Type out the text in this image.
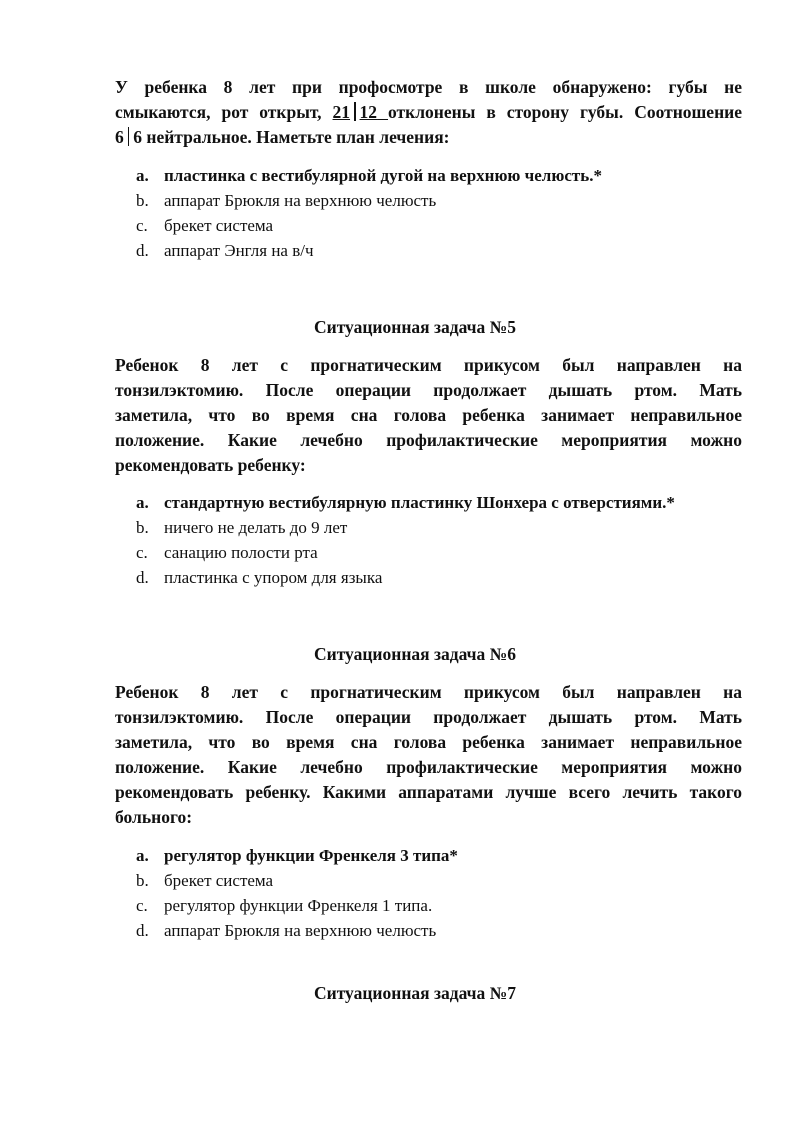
У ребенка 8 лет при профосмотре в школе обнаружено: губы не
смыкаются, рот открыт, 21 12 отклонены в сторону губы. Соотношение
6 6 нейтральное. Наметьте план лечения:
a. пластинка с вестибулярной дугой на верхнюю челюсть.*
b. аппарат Брюкля на верхнюю челюсть
c. брекет система
d. аппарат Энгля на в/ч
Ситуационная задача №5
Ребенок 8 лет с прогнатическим прикусом был направлен на
тонзилэктомию. После операции продолжает дышать ртом. Мать
заметила, что во время сна голова ребенка занимает неправильное
положение. Какие лечебно профилактические мероприятия можно
рекомендовать ребенку:
a. стандартную вестибулярную пластинку Шонхера с отверстиями.*
b. ничего не делать до 9 лет
c. санацию полости рта
d. пластинка с упором для языка
Ситуационная задача №6
Ребенок 8 лет с прогнатическим прикусом был направлен на
тонзилэктомию. После операции продолжает дышать ртом. Мать
заметила, что во время сна голова ребенка занимает неправильное
положение. Какие лечебно профилактические мероприятия можно
рекомендовать ребенку. Какими аппаратами лучше всего лечить такого
больного:
a. регулятор функции Френкеля 3 типа*
b. брекет система
c. регулятор функции Френкеля 1 типа.
d. аппарат Брюкля на верхнюю челюсть
Ситуационная задача №7
